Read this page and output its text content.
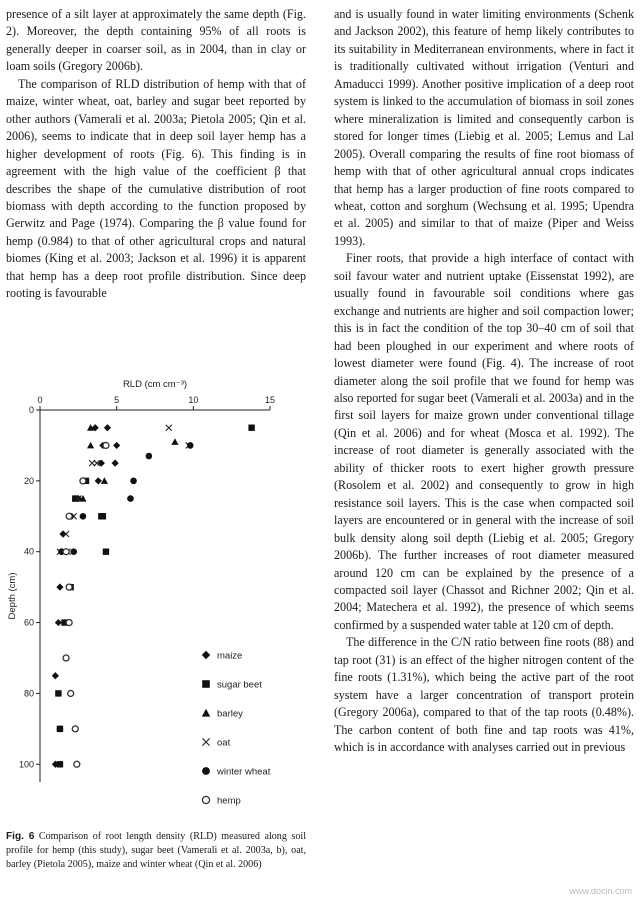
presence of a silt layer at approximately the same depth (Fig. 2). Moreover, the depth containing 95% of all roots is generally deeper in coarser soil, as in 2004, than in clay or loam soils (Gregory 2006b).

The comparison of RLD distribution of hemp with that of maize, winter wheat, oat, barley and sugar beet reported by other authors (Vamerali et al. 2003a; Pietola 2005; Qin et al. 2006), seems to indicate that in deep soil layer hemp has a higher development of roots (Fig. 6). This finding is in agreement with the high value of the coefficient β that describes the shape of the cumulative distribution of root biomass with depth according to the function proposed by Gerwitz and Page (1974). Comparing the β value found for hemp (0.984) to that of other agricultural crops and natural biomes (King et al. 2003; Jackson et al. 1996) it is apparent that hemp has a deep root profile distribution. Since deep rooting is favourable

0	5	10	15
0
20
40
60
80
100
RLD (cm cm⁻³)
Depth (cm)
maize
sugar beet
barley
oat
winter wheat
hemp
Fig. 6 Comparison of root length density (RLD) measured along soil profile for hemp (this study), sugar beet (Vamerali et al. 2003a, b), oat, barley (Pietola 2005), maize and winter wheat (Qin et al. 2006)

and is usually found in water limiting environments (Schenk and Jackson 2002), this feature of hemp likely contributes to its suitability in Mediterranean environments, where in fact it is traditionally cultivated without irrigation (Venturi and Amaducci 1999). Another positive implication of a deep root system is linked to the accumulation of biomass in soil zones where mineralization is limited and consequently carbon is stored for longer times (Liebig et al. 2005; Lemus and Lal 2005). Overall comparing the results of fine root biomass of hemp with that of other agricultural annual crops indicates that hemp has a larger production of fine roots compared to wheat, cotton and sorghum (Wechsung et al. 1995; Upendra et al. 2005) and similar to that of maize (Piper and Weiss 1993).

Finer roots, that provide a high interface of contact with soil favour water and nutrient uptake (Eissenstat 1992), are usually found in favourable soil conditions where gas exchange and nutrients are higher and soil compaction lower; this is in fact the condition of the top 30–40 cm of soil that had been ploughed in our experiment and where roots of lowest diameter were found (Fig. 4). The increase of root diameter along the soil profile that we found for hemp was also reported for sugar beet (Vamerali et al. 2003a) and in the first soil layers for maize grown under conventional tillage (Qin et al. 2006) and for wheat (Mosca et al. 1992). The increase of root diameter is generally associated with the ability of thicker roots to exert higher growth pressure (Rosolem et al. 2002) and consequently to grow in high resistance soil layers. This is the case when compacted soil layers are encountered or in general with the increase of soil bulk density along soil depth (Liebig et al. 2005; Gregory 2006b). The further increases of root diameter measured around 120 cm can be explained by the presence of a compacted soil layer (Chassot and Richner 2002; Qin et al. 2004; Matechera et al. 1992), the presence of which seems confirmed by a suspended water table at 120 cm of depth.

The difference in the C/N ratio between fine roots (88) and tap root (31) is an effect of the higher nitrogen content of the fine roots (1.31%), which being the active part of the root system have a larger concentration of transport protein (Gregory 2006a), compared to that of the tap roots (0.48%). The carbon content of both fine and tap roots was 41%, which is in accordance with analyses carried out in previous

www.docin.com
